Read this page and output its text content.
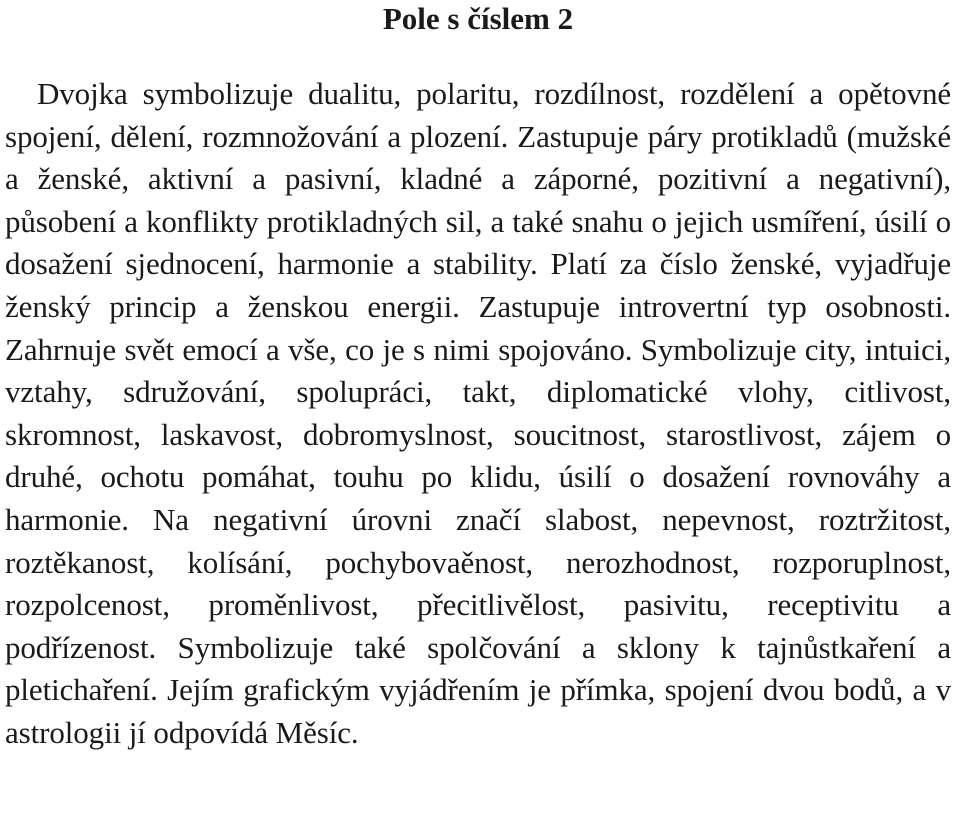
Pole s číslem 2

Dvojka symbolizuje dualitu, polaritu, rozdílnost, rozdělení a opětovné spojení, dělení, rozmnožování a plození. Zastupuje páry protikladů (mužské a ženské, aktivní a pasivní, kladné a záporné, pozitivní a negativní), působení a konflikty protikladných sil, a také snahu o jejich usmíření, úsilí o dosažení sjednocení, harmonie a stability. Platí za číslo ženské, vyjadřuje ženský princip a ženskou energii. Zastupuje introvertní typ osobnosti. Zahrnuje svět emocí a vše, co je s nimi spojováno. Symbolizuje city, intuici, vztahy, sdružování, spolupráci, takt, diplomatické vlohy, citlivost, skromnost, laskavost, dobromyslnost, soucitnost, starostlivost, zájem o druhé, ochotu pomáhat, touhu po klidu, úsilí o dosažení rovnováhy a harmonie. Na negativní úrovni značí slabost, nepevnost, roztržitost, roztěkanost, kolísání, pochybovaěnost, nerozhodnost, rozporuplnost, rozpolcenost, proměnlivost, přecitlivělost, pasivitu, receptivitu a podřízenost. Symbolizuje také spolčování a sklony k tajnůstkaření a pletichaření. Jejím grafickým vyjádřením je přímka, spojení dvou bodů, a v astrologii jí odpovídá Měsíc.
